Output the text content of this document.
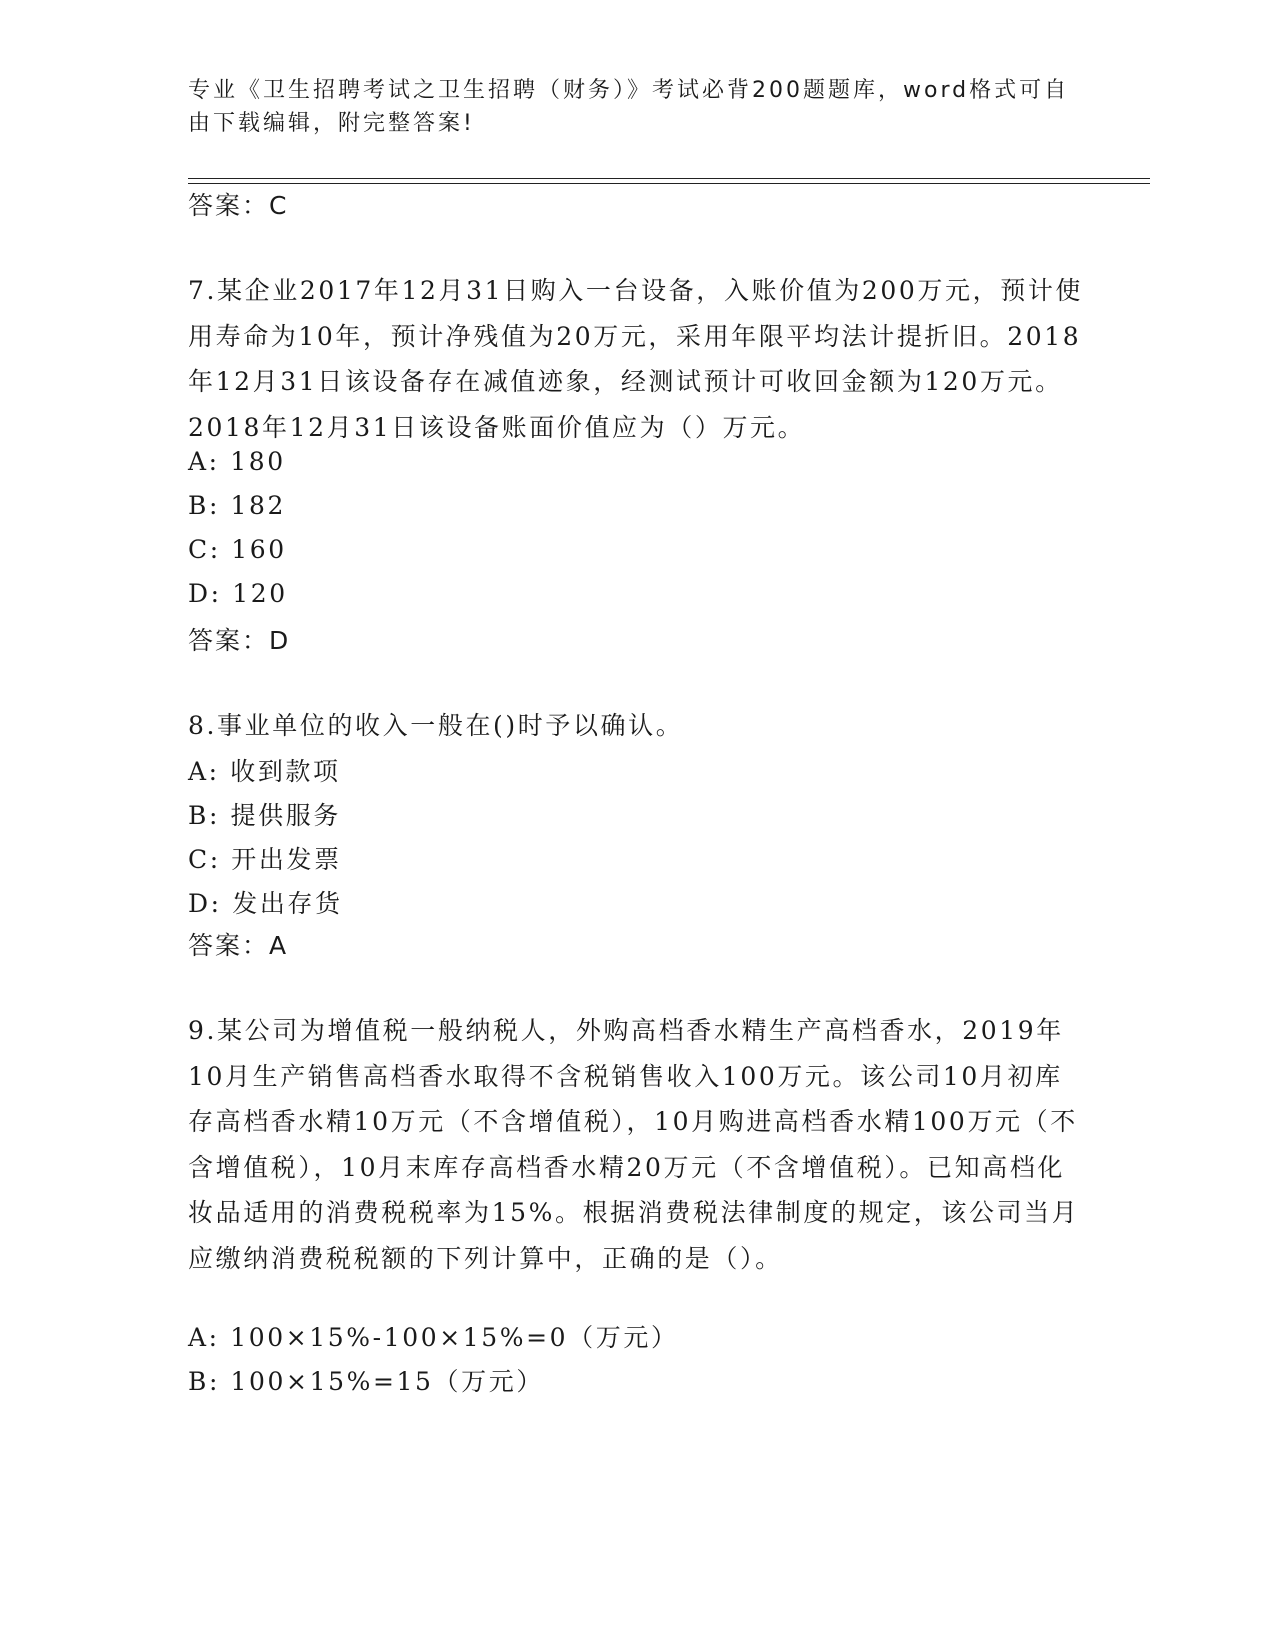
专业《卫生招聘考试之卫生招聘（财务）》考试必背200题题库，word格式可自由下载编辑，附完整答案!
答案：C
7.某企业2017年12月31日购入一台设备，入账价值为200万元，预计使用寿命为10年，预计净残值为20万元，采用年限平均法计提折旧。2018年12月31日该设备存在减值迹象，经测试预计可收回金额为120万元。2018年12月31日该设备账面价值应为（）万元。
A: 180
B: 182
C: 160
D: 120
答案：D
8.事业单位的收入一般在()时予以确认。
A: 收到款项
B: 提供服务
C: 开出发票
D: 发出存货
答案：A
9.某公司为增值税一般纳税人，外购高档香水精生产高档香水，2019年10月生产销售高档香水取得不含税销售收入100万元。该公司10月初库存高档香水精10万元（不含增值税），10月购进高档香水精100万元（不含增值税），10月末库存高档香水精20万元（不含增值税）。已知高档化妆品适用的消费税税率为15%。根据消费税法律制度的规定，该公司当月应缴纳消费税税额的下列计算中，正确的是（）。
A: 100×15%-100×15%=0（万元）
B: 100×15%=15（万元）
